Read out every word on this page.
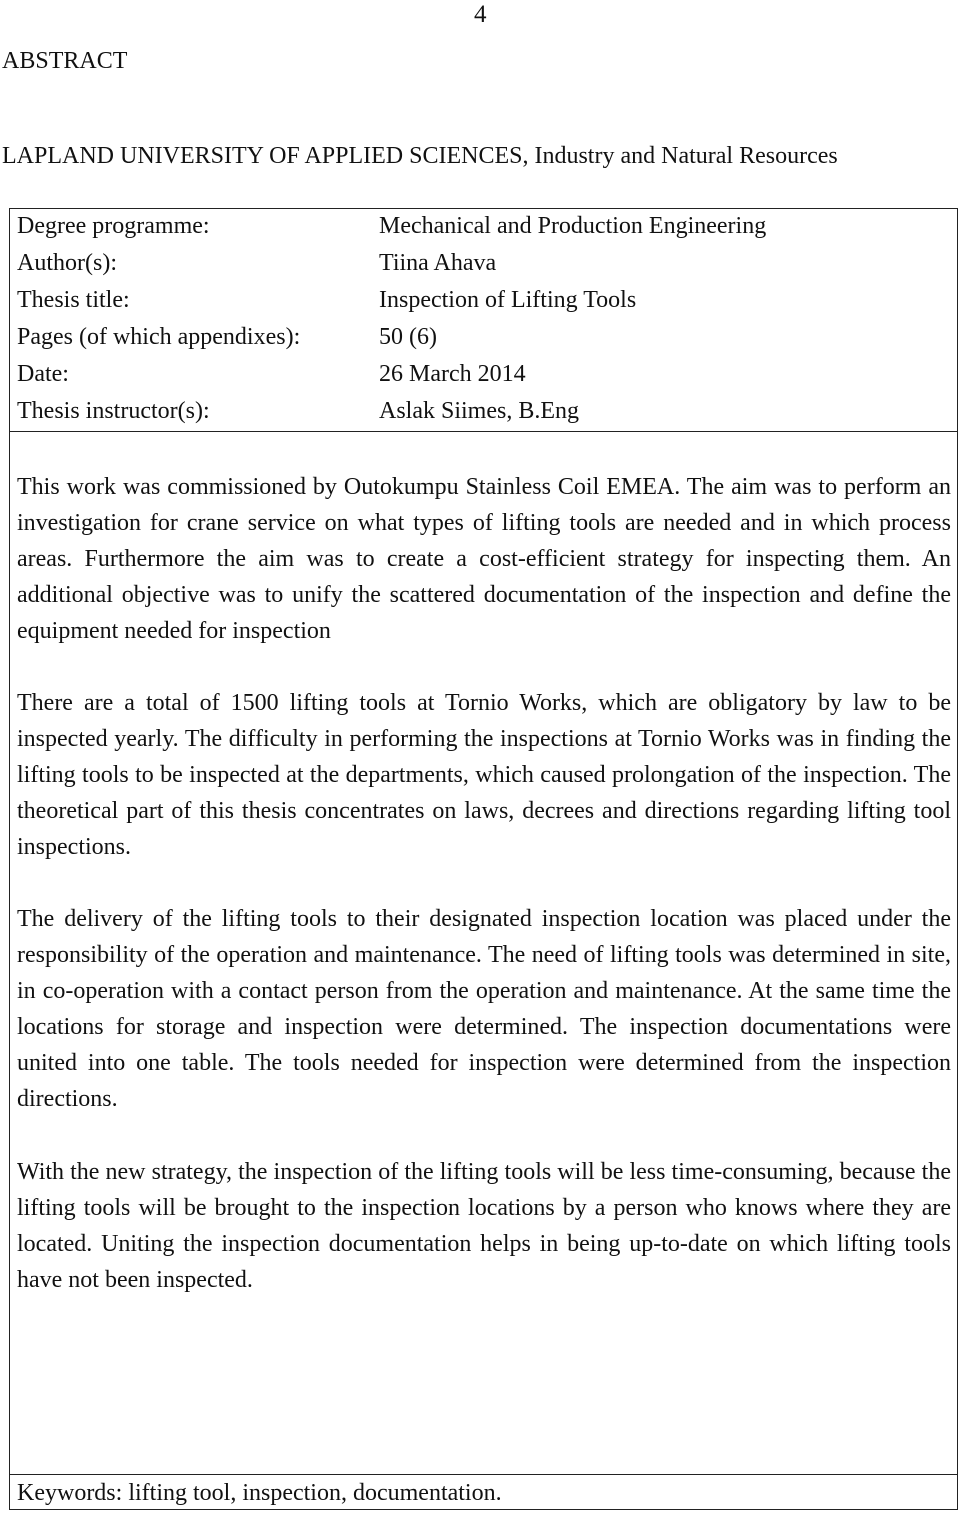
4
ABSTRACT
LAPLAND UNIVERSITY OF APPLIED SCIENCES, Industry and Natural Resources
Degree programme:	Mechanical and Production Engineering
Author(s):	Tiina Ahava
Thesis title:	Inspection of Lifting Tools
Pages (of which appendixes):	50 (6)
Date:	26 March 2014
Thesis instructor(s):	Aslak Siimes, B.Eng

This work was commissioned by Outokumpu Stainless Coil EMEA. The aim was to perform an investigation for crane service on what types of lifting tools are needed and in which process areas. Furthermore the aim was to create a cost-efficient strategy for inspecting them. An additional objective was to unify the scattered documentation of the inspection and define the equipment needed for inspection

There are a total of 1500 lifting tools at Tornio Works, which are obligatory by law to be inspected yearly. The difficulty in performing the inspections at Tornio Works was in finding the lifting tools to be inspected at the departments, which caused prolongation of the inspection. The theoretical part of this thesis concentrates on laws, decrees and directions regarding lifting tool inspections.

The delivery of the lifting tools to their designated inspection location was placed under the responsibility of the operation and maintenance. The need of lifting tools was determined in site, in co-operation with a contact person from the operation and maintenance. At the same time the locations for storage and inspection were determined. The inspection documentations were united into one table. The tools needed for inspection were determined from the inspection directions.

With the new strategy, the inspection of the lifting tools will be less time-consuming, because the lifting tools will be brought to the inspection locations by a person who knows where they are located. Uniting the inspection documentation helps in being up-to-date on which lifting tools have not been inspected.

Keywords: lifting tool, inspection, documentation.
